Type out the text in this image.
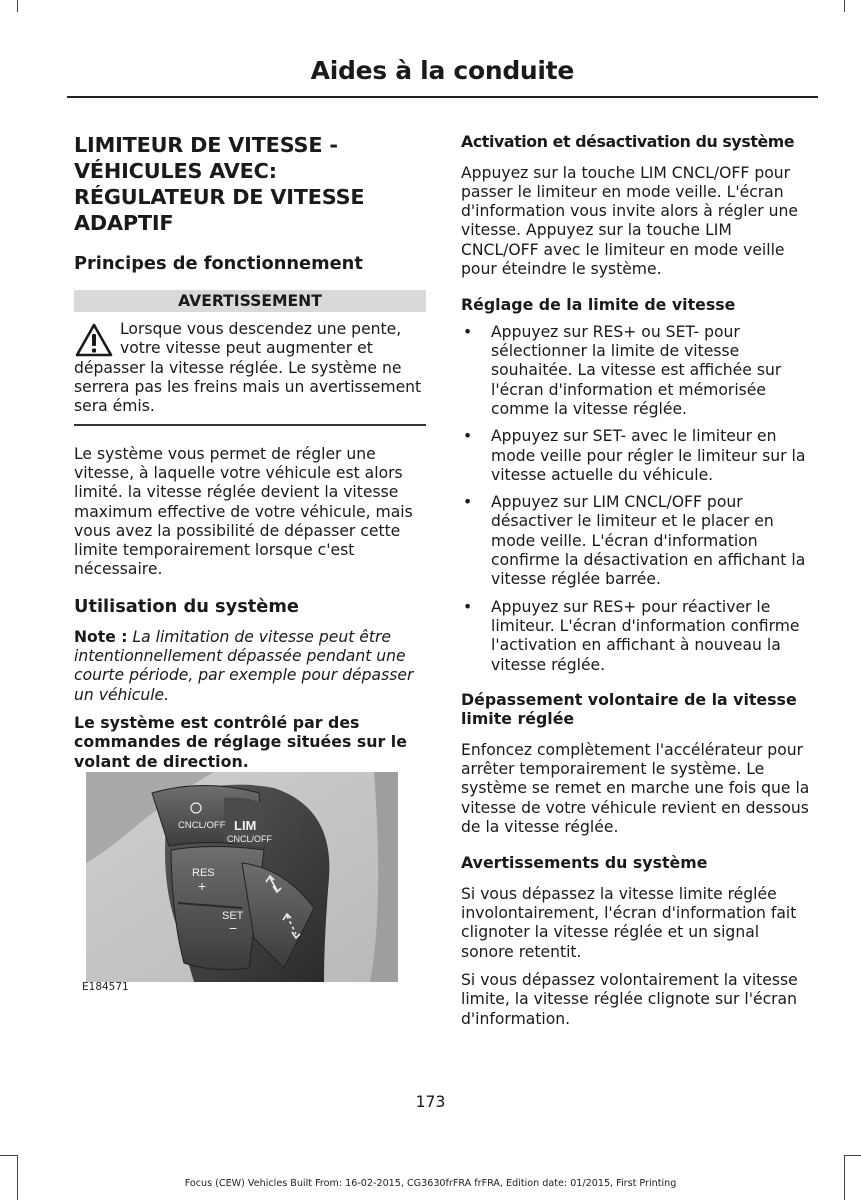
Aides à la conduite
LIMITEUR DE VITESSE -
VÉHICULES AVEC:
RÉGULATEUR DE VITESSE
ADAPTIF
Principes de fonctionnement
AVERTISSEMENT

Lorsque vous descendez une pente, votre vitesse peut augmenter et dépasser la vitesse réglée. Le système ne serrera pas les freins mais un avertissement sera émis.

Le système vous permet de régler une vitesse, à laquelle votre véhicule est alors limité. la vitesse réglée devient la vitesse maximum effective de votre véhicule, mais vous avez la possibilité de dépasser cette limite temporairement lorsque c'est nécessaire.

Utilisation du système

Note : La limitation de vitesse peut être intentionnellement dépassée pendant une courte période, par exemple pour dépasser un véhicule.

Le système est contrôlé par des commandes de réglage situées sur le volant de direction.

CNCL/OFF LIM
CNCL/OFF
RES
+
SET
−
E184571
Activation et désactivation du système

Appuyez sur la touche LIM CNCL/OFF pour passer le limiteur en mode veille. L'écran d'information vous invite alors à régler une vitesse. Appuyez sur la touche LIM CNCL/OFF avec le limiteur en mode veille pour éteindre le système.

Réglage de la limite de vitesse
• Appuyez sur RES+ ou SET- pour sélectionner la limite de vitesse souhaitée. La vitesse est affichée sur l'écran d'information et mémorisée comme la vitesse réglée.
• Appuyez sur SET- avec le limiteur en mode veille pour régler le limiteur sur la vitesse actuelle du véhicule.
• Appuyez sur LIM CNCL/OFF pour désactiver le limiteur et le placer en mode veille. L'écran d'information confirme la désactivation en affichant la vitesse réglée barrée.
• Appuyez sur RES+ pour réactiver le limiteur. L'écran d'information confirme l'activation en affichant à nouveau la vitesse réglée.
Dépassement volontaire de la vitesse limite réglée

Enfoncez complètement l'accélérateur pour arrêter temporairement le système. Le système se remet en marche une fois que la vitesse de votre véhicule revient en dessous de la vitesse réglée.

Avertissements du système

Si vous dépassez la vitesse limite réglée involontairement, l'écran d'information fait clignoter la vitesse réglée et un signal sonore retentit.

Si vous dépassez volontairement la vitesse limite, la vitesse réglée clignote sur l'écran d'information.

173
Focus (CEW) Vehicles Built From: 16-02-2015, CG3630frFRA frFRA, Edition date: 01/2015, First Printing
